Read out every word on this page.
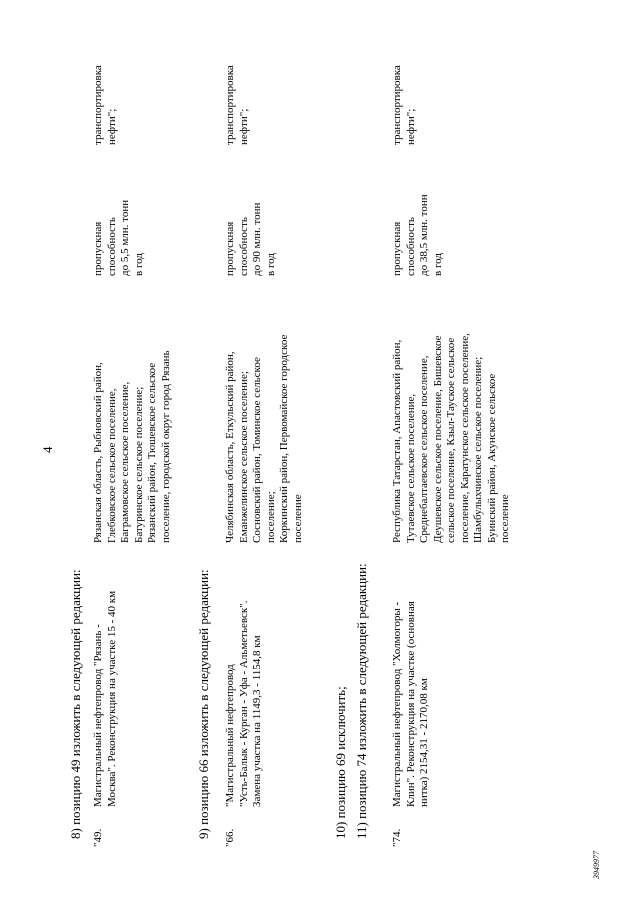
4
8) позицию 49 изложить в следующей редакции:	9) позицию 66 изложить в следующей редакции:	10) позицию 69 исключить; 11) позицию 74 изложить в следующей редакции:
"49.
Магистральный нефтепровод "Рязань - Москва". Реконструкция на участке 15 - 40 км
Рязанская область, Рыбновский район, Глебковское сельское поселение, Баграмовское сельское поселение, Батуринское сельское поселение; Рязанский район, Тюшевское сельское поселение, городской округ город Рязань
пропускная способность до 5,5 млн. тонн в год
транспортировка нефти";
"66.
"Магистральный нефтепровод "Усть-Балык - Курган - Уфа - Альметьевск". Замена участка на 1149,3 - 1154,8 км
Челябинская область, Еткульский район, Еманжелинское сельское поселение; Сосновский район, Томинское сельское поселение; Коркинский район, Первомайское городское поселение
пропускная способность до 90 млн. тонн в год
транспортировка нефти";
"74.
Магистральный нефтепровод "Холмогоры - Клин". Реконструкция на участке (основная нитка) 2154,31 - 2170,08 км
Республика Татарстан, Апастовский район, Тутаевское сельское поселение, Среднебалтаевское сельское поселение, Деушевское сельское поселение, Бишевское сельское поселение, Кзыл-Тауское сельское поселение, Каратунское сельское поселение, Шамбулыхчинское сельское поселение; Буинский район, Акунское сельское поселение
пропускная способность до 38,5 млн. тонн в год
транспортировка нефти";
3949977
